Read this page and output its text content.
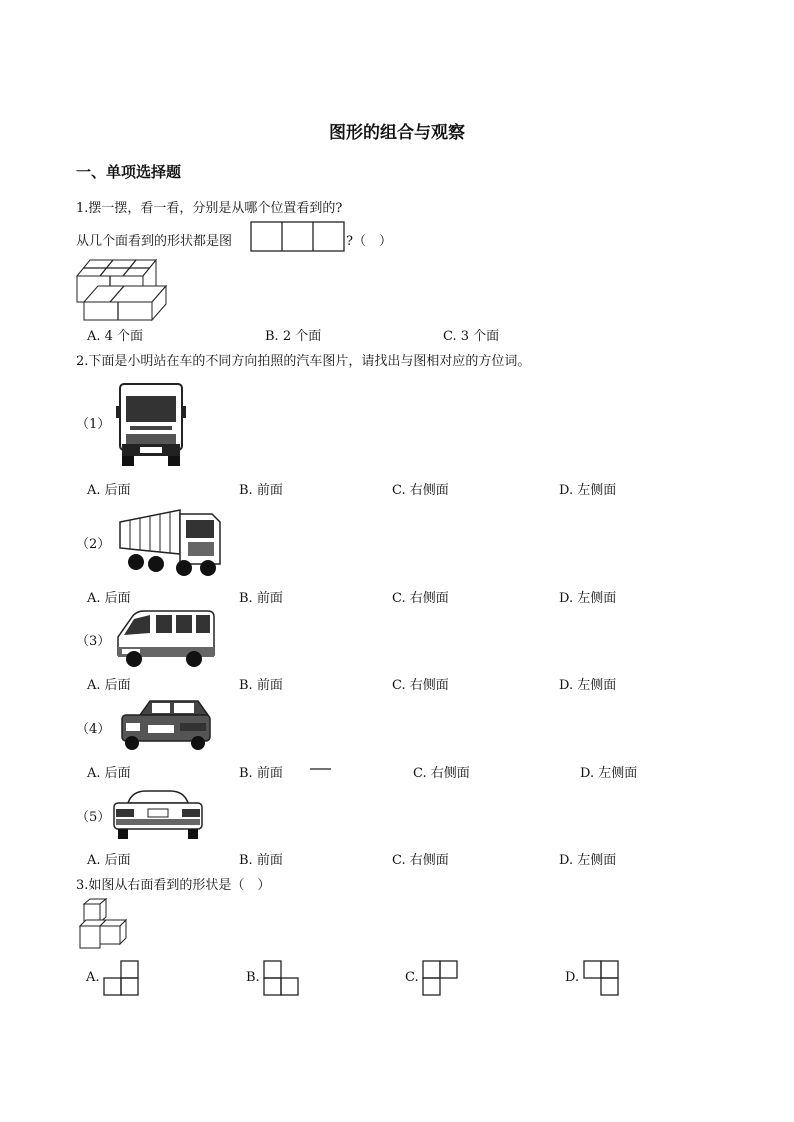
图形的组合与观察
一、单项选择题
1.摆一摆，看一看，分别是从哪个位置看到的?
从几个面看到的形状都是图	?（　）
A. 4 个面	B. 2 个面	C. 3 个面
2.下面是小明站在车的不同方向拍照的汽车图片，请找出与图相对应的方位词。
（1）
A. 后面	B. 前面	C. 右侧面	D. 左侧面
（2）
A. 后面	B. 前面	C. 右侧面	D. 左侧面
（3）
A. 后面	B. 前面	C. 右侧面	D. 左侧面
（4）
A. 后面	B. 前面	C. 右侧面	D. 左侧面
（5）
A. 后面	B. 前面	C. 右侧面	D. 左侧面
3.如图从右面看到的形状是（　）
A.	B.	C.	D.
